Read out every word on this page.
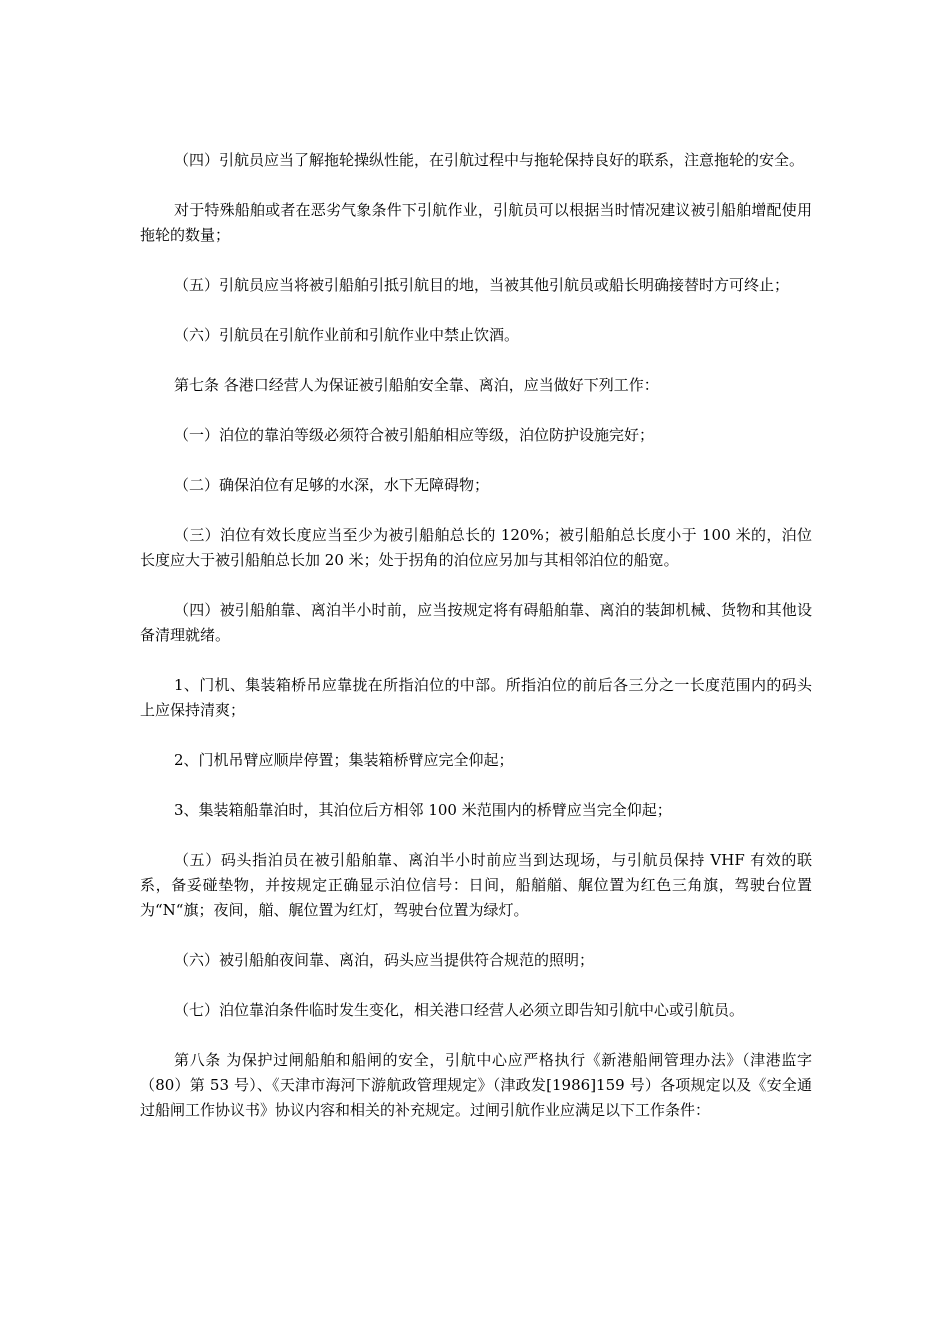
（四）引航员应当了解拖轮操纵性能，在引航过程中与拖轮保持良好的联系，注意拖轮的安全。

对于特殊船舶或者在恶劣气象条件下引航作业，引航员可以根据当时情况建议被引船舶增配使用拖轮的数量；

（五）引航员应当将被引船舶引抵引航目的地，当被其他引航员或船长明确接替时方可终止；

（六）引航员在引航作业前和引航作业中禁止饮酒。

第七条 各港口经营人为保证被引船舶安全靠、离泊，应当做好下列工作：

（一）泊位的靠泊等级必须符合被引船舶相应等级，泊位防护设施完好；

（二）确保泊位有足够的水深，水下无障碍物；

（三）泊位有效长度应当至少为被引船舶总长的 120%；被引船舶总长度小于 100 米的，泊位长度应大于被引船舶总长加 20 米；处于拐角的泊位应另加与其相邻泊位的船宽。

（四）被引船舶靠、离泊半小时前，应当按规定将有碍船舶靠、离泊的装卸机械、货物和其他设备清理就绪。

1、门机、集装箱桥吊应靠拢在所指泊位的中部。所指泊位的前后各三分之一长度范围内的码头上应保持清爽；

2、门机吊臂应顺岸停置；集装箱桥臂应完全仰起；

3、集装箱船靠泊时，其泊位后方相邻 100 米范围内的桥臂应当完全仰起；

（五）码头指泊员在被引船舶靠、离泊半小时前应当到达现场，与引航员保持 VHF 有效的联系，备妥碰垫物，并按规定正确显示泊位信号：日间，船艏艏、艉位置为红色三角旗，驾驶台位置为“N“旗；夜间，艏、艉位置为红灯，驾驶台位置为绿灯。

（六）被引船舶夜间靠、离泊，码头应当提供符合规范的照明；

（七）泊位靠泊条件临时发生变化，相关港口经营人必须立即告知引航中心或引航员。

第八条 为保护过闸船舶和船闸的安全，引航中心应严格执行《新港船闸管理办法》（津港监字（80）第 53 号）、《天津市海河下游航政管理规定》（津政发[1986]159 号）各项规定以及《安全通过船闸工作协议书》协议内容和相关的补充规定。过闸引航作业应满足以下工作条件：
